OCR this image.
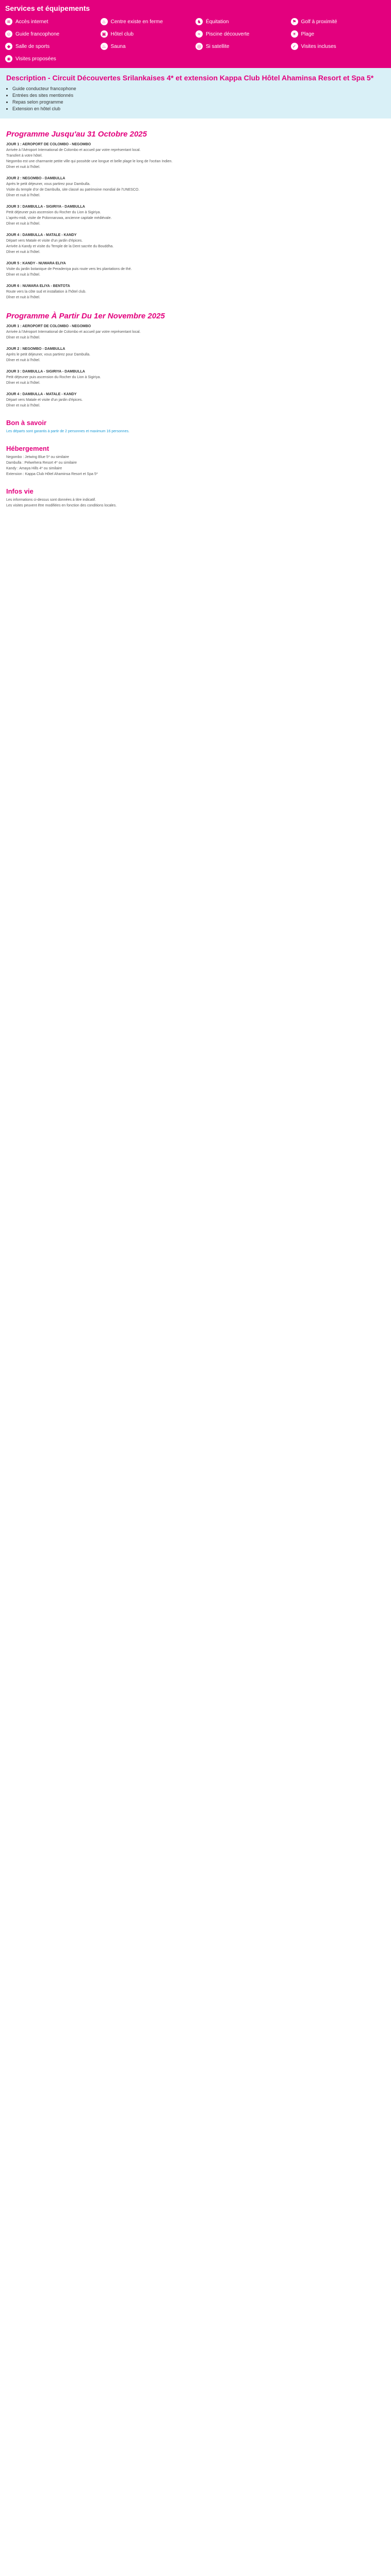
Services et équipements
≋ Accès internet	⌂	Centre existe en ferme	♞ Équitation	⚑ Golf à proximité
☺ Guide francophone	▣ Hôtel club	≈	Piscine découverte	☀ Plage
◆ Salle de sports	♨ Sauna	◎ Si satellite	✓ Visites incluses
◉ Visites proposées
Description - Circuit Découvertes Srilankaises 4* et extension Kappa Club Hôtel Ahaminsa Resort et Spa 5*
• Guide conducteur francophone
• Entrées des sites mentionnés
• Repas selon programme
• Extension en hôtel club
Programme Jusqu'au 31 Octobre 2025
JOUR 1 : AEROPORT DE COLOMBO - NEGOMBO
Arrivée à l'Aéroport International de Colombo et accueil par votre représentant local.
Transfert à votre hôtel.
Negombo est une charmante petite ville qui possède une longue et belle plage le long de l'océan Indien.
Dîner et nuit à l'hôtel.
JOUR 2 : NEGOMBO - DAMBULLA
Après le petit déjeuner, vous partirez pour Dambulla.
Visite du temple d'or de Dambulla, site classé au patrimoine mondial de l'UNESCO.
Dîner et nuit à l'hôtel.
JOUR 3 : DAMBULLA - SIGIRIYA - DAMBULLA
Petit déjeuner puis ascension du Rocher du Lion à Sigiriya.
L'après-midi, visite de Polonnaruwa, ancienne capitale médiévale.
Dîner et nuit à l'hôtel.
JOUR 4 : DAMBULLA - MATALE - KANDY
Départ vers Matale et visite d'un jardin d'épices.
Arrivée à Kandy et visite du Temple de la Dent sacrée du Bouddha.
Dîner et nuit à l'hôtel.
JOUR 5 : KANDY - NUWARA ELIYA
Visite du jardin botanique de Peradeniya puis route vers les plantations de thé.
Dîner et nuit à l'hôtel.
JOUR 6 : NUWARA ELIYA - BENTOTA
Route vers la côte sud et installation à l'hôtel club.
Dîner et nuit à l'hôtel.
Programme À Partir Du 1er Novembre 2025
JOUR 1 : AEROPORT DE COLOMBO - NEGOMBO
Arrivée à l'Aéroport International de Colombo et accueil par votre représentant local.
Dîner et nuit à l'hôtel.
JOUR 2 : NEGOMBO - DAMBULLA
Après le petit déjeuner, vous partirez pour Dambulla.
Dîner et nuit à l'hôtel.
JOUR 3 : DAMBULLA - SIGIRIYA - DAMBULLA
Petit déjeuner puis ascension du Rocher du Lion à Sigiriya.
Dîner et nuit à l'hôtel.
JOUR 4 : DAMBULLA - MATALE - KANDY
Départ vers Matale et visite d'un jardin d'épices.
Dîner et nuit à l'hôtel.
Bon à savoir
Les départs sont garantis à partir de 2 personnes et maximum 16 personnes.
Hébergement
Negombo : Jetwing Blue 5* ou similaire
Dambulla : Pelwehera Resort 4* ou similaire
Kandy : Amaya Hills 4* ou similaire
Extension : Kappa Club Hôtel Ahaminsa Resort et Spa 5*
Infos vie
Les informations ci-dessus sont données à titre indicatif.
Les visites peuvent être modifiées en fonction des conditions locales.
